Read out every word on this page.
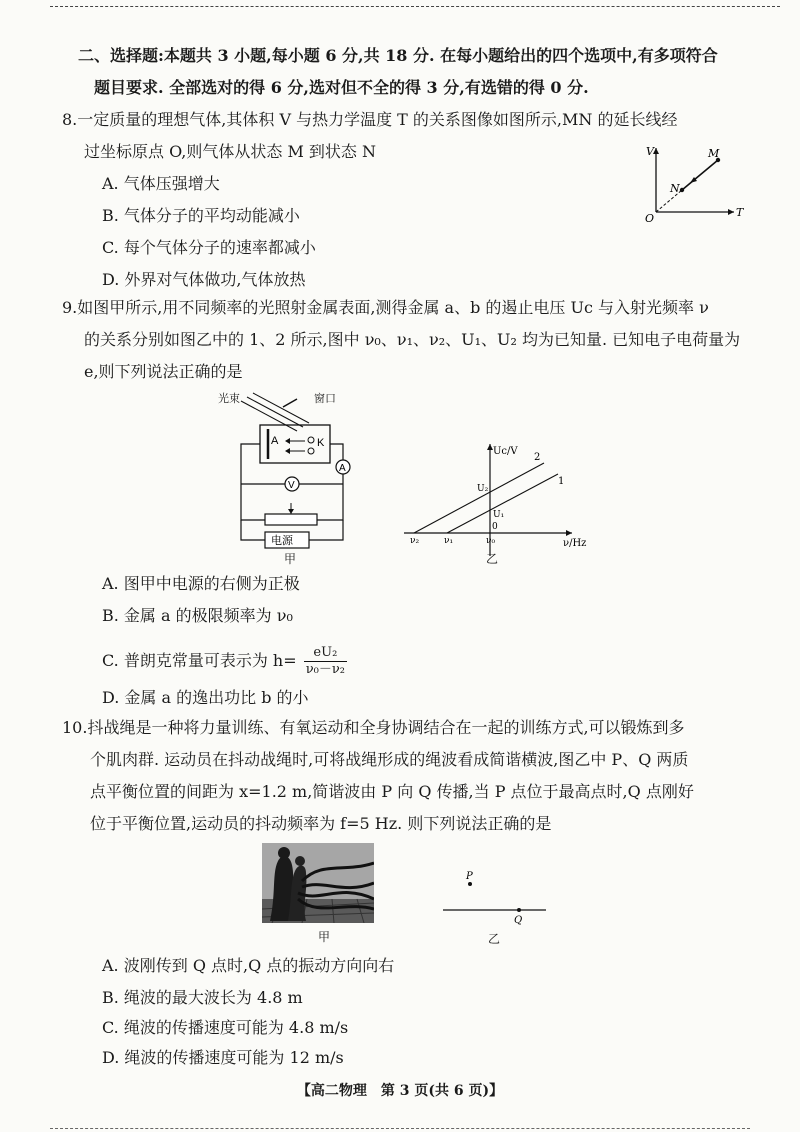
二、选择题:本题共 3 小题,每小题 6 分,共 18 分. 在每小题给出的四个选项中,有多项符合
题目要求. 全部选对的得 6 分,选对但不全的得 3 分,有选错的得 0 分.
8.一定质量的理想气体,其体积 V 与热力学温度 T 的关系图像如图所示,MN 的延长线经
过坐标原点 O,则气体从状态 M 到状态 N
A. 气体压强增大
B. 气体分子的平均动能减小
C. 每个气体分子的速率都减小
D. 外界对气体做功,气体放热
V
T
O
M
N
9.如图甲所示,用不同频率的光照射金属表面,测得金属 a、b 的遏止电压 Uc 与入射光频率 ν
的关系分别如图乙中的 1、2 所示,图中 ν₀、ν₁、ν₂、U₁、U₂ 均为已知量. 已知电子电荷量为
e,则下列说法正确的是
A	K
A
V
电源
光束	窗口
甲
Uc/V
ν/Hz
2
1
U₂
U₁
0
ν₂	ν₁	ν₀
乙
A. 图甲中电源的右侧为正极
B. 金属 a 的极限频率为 ν₀
C. 普朗克常量可表示为 $h= \frac{\text{eU₂}}{\text{ν₀－ν₂}}$
D. 金属 a 的逸出功比 b 的小
10.抖战绳是一种将力量训练、有氧运动和全身协调结合在一起的训练方式,可以锻炼到多
个肌肉群. 运动员在抖动战绳时,可将战绳形成的绳波看成简谐横波,图乙中 P、Q 两质
点平衡位置的间距为 x=1.2 m,简谐波由 P 向 Q 传播,当 P 点位于最高点时,Q 点刚好
位于平衡位置,运动员的抖动频率为 f=5 Hz. 则下列说法正确的是
甲
P
Q
乙
A. 波刚传到 Q 点时,Q 点的振动方向向右
B. 绳波的最大波长为 4.8 m
C. 绳波的传播速度可能为 4.8 m/s
D. 绳波的传播速度可能为 12 m/s
【高二物理　第 3 页(共 6 页)】
